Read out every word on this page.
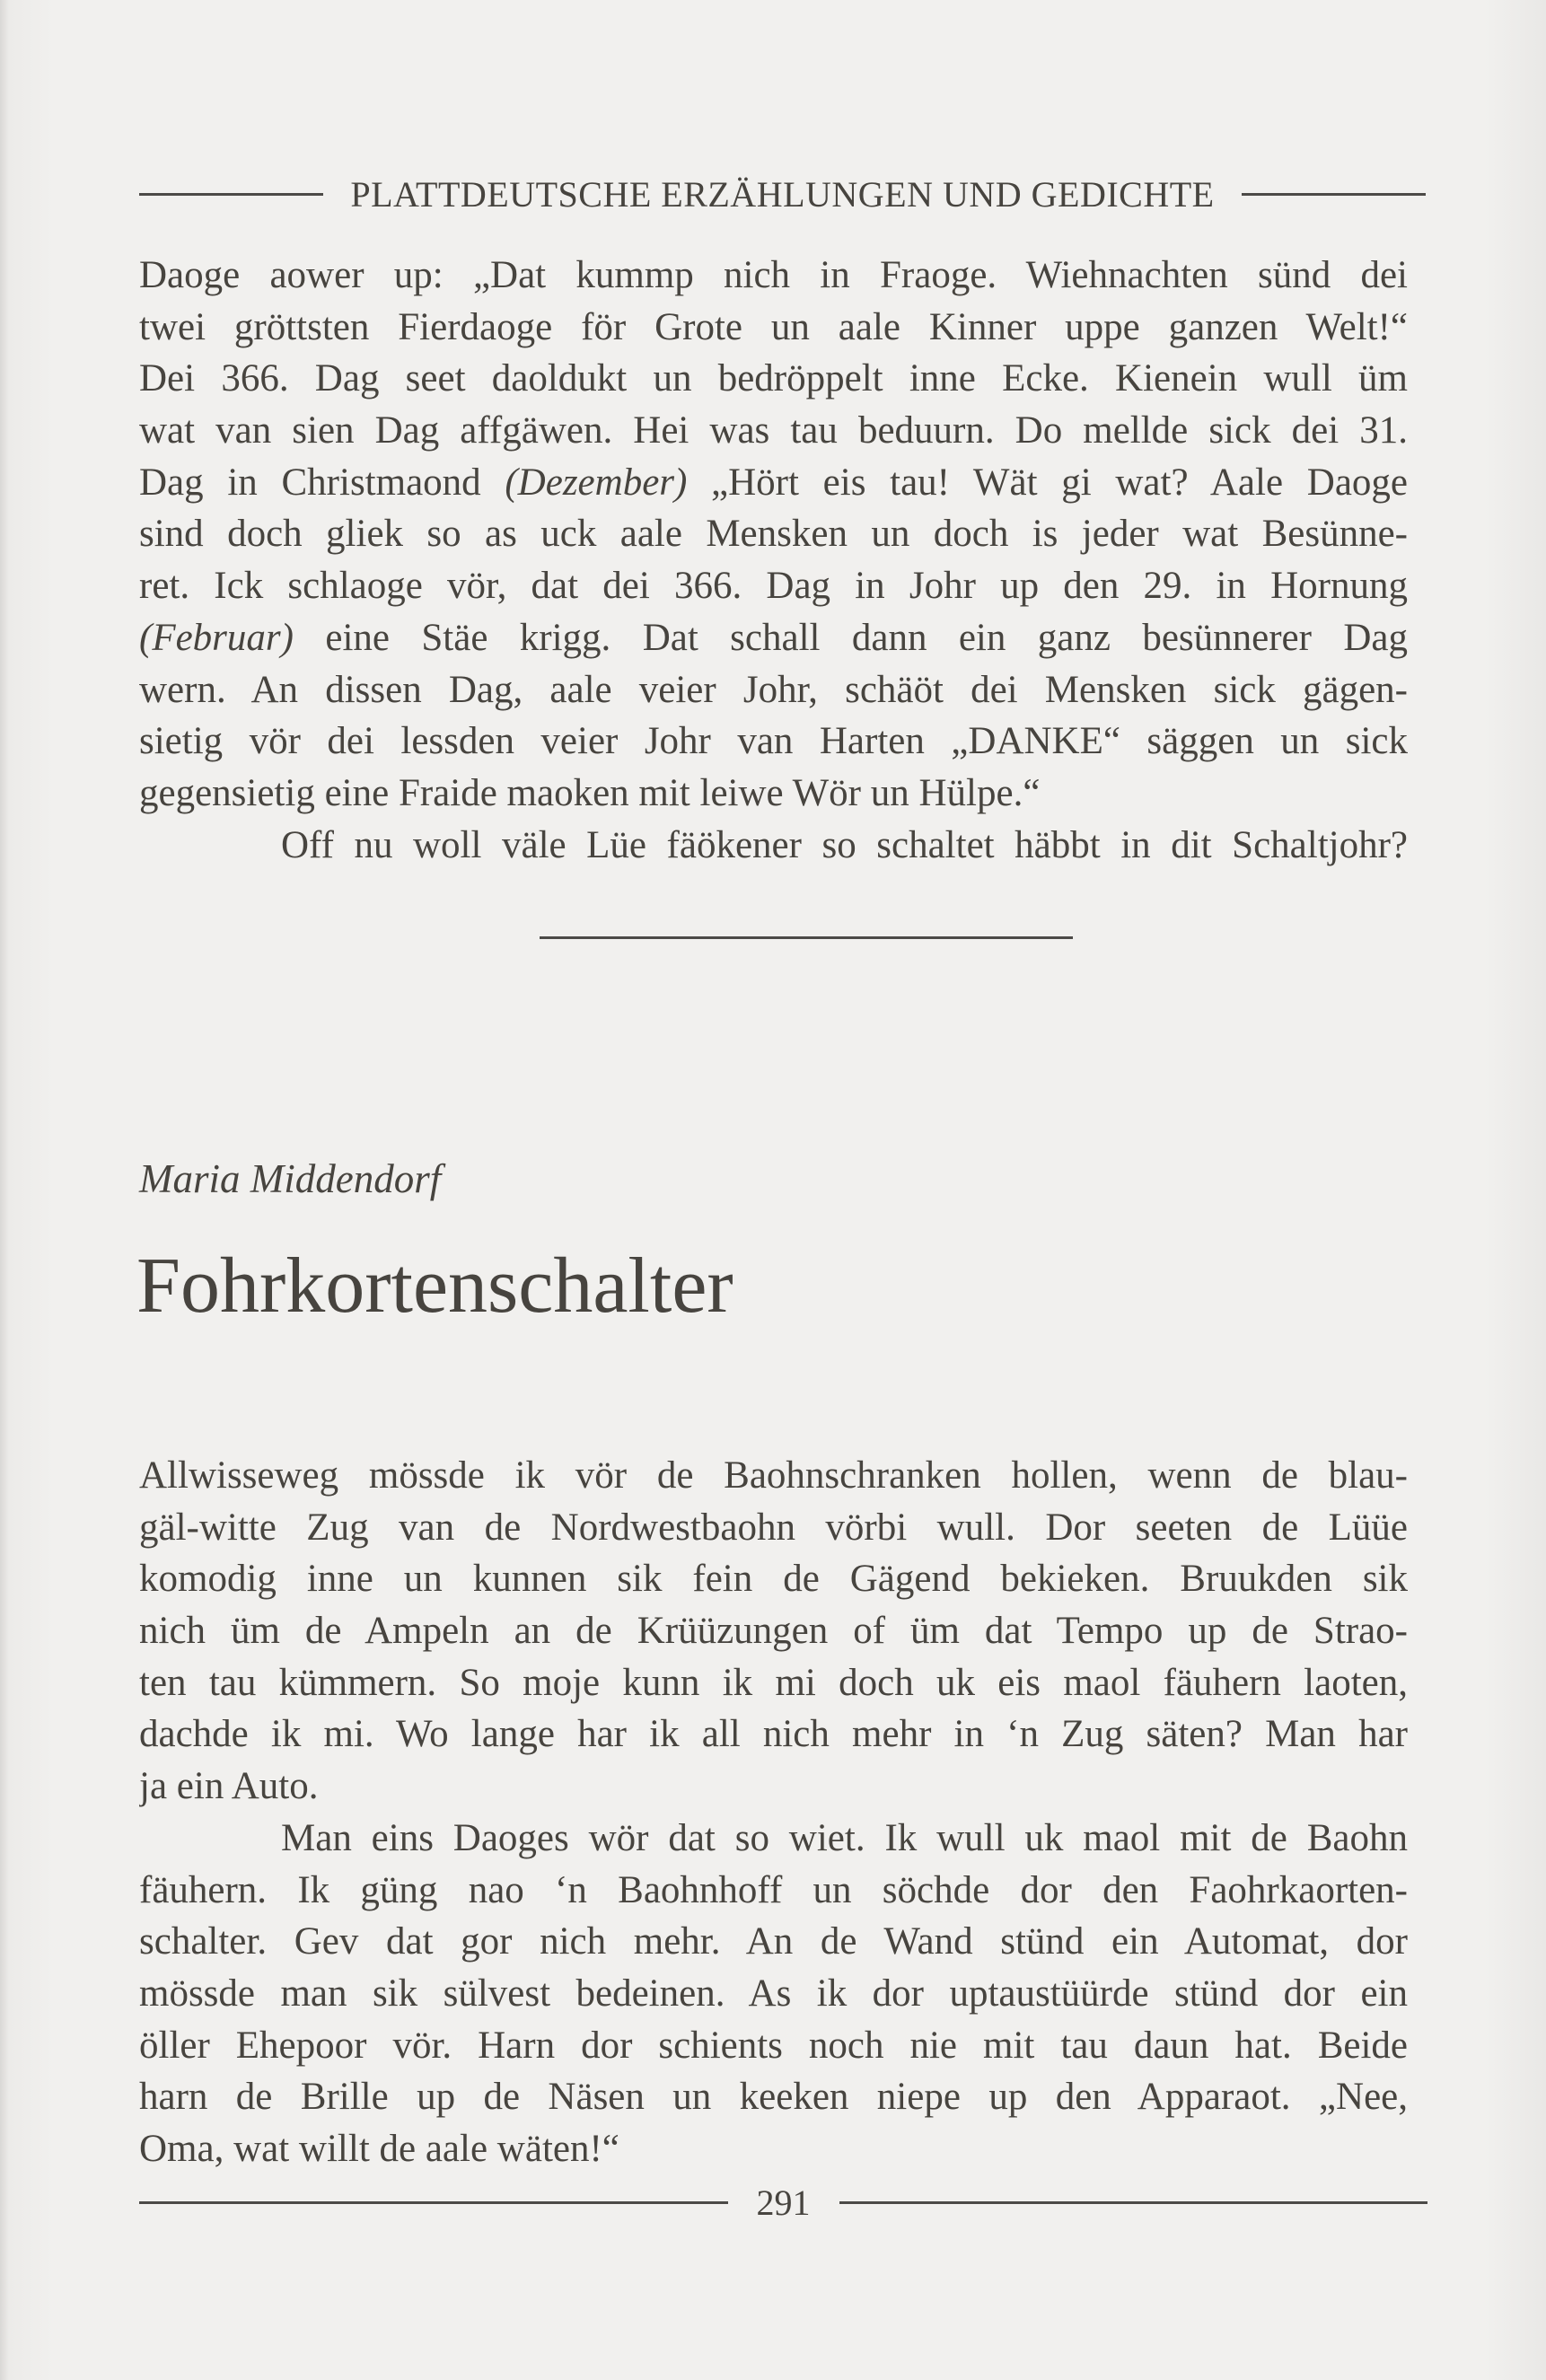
PLATTDEUTSCHE ERZÄHLUNGEN UND GEDICHTE
Daoge aower up: „Dat kummp nich in Fraoge. Wiehnachten sünd dei
twei gröttsten Fierdaoge för Grote un aale Kinner uppe ganzen Welt!“
Dei 366. Dag seet daoldukt un bedröppelt inne Ecke. Kienein wull üm
wat van sien Dag affgäwen. Hei was tau beduurn. Do mellde sick dei 31.
Dag in Christmaond (Dezember) „Hört eis tau! Wät gi wat? Aale Daoge
sind doch gliek so as uck aale Mensken un doch is jeder wat Besünne-
ret. Ick schlaoge vör, dat dei 366. Dag in Johr up den 29. in Hornung
(Februar) eine Stäe krigg. Dat schall dann ein ganz besünnerer Dag
wern. An dissen Dag, aale veier Johr, schäöt dei Mensken sick gägen-
sietig vör dei lessden veier Johr van Harten „DANKE“ säggen un sick
gegensietig eine Fraide maoken mit leiwe Wör un Hülpe.“
Off nu woll väle Lüe fäökener so schaltet häbbt in dit Schaltjohr?

Maria Middendorf

Fohrkortenschalter
Allwisseweg mössde ik vör de Baohnschranken hollen, wenn de blau-
gäl-witte Zug van de Nordwestbaohn vörbi wull. Dor seeten de Lüüe
komodig inne un kunnen sik fein de Gägend bekieken. Bruukden sik
nich üm de Ampeln an de Krüüzungen of üm dat Tempo up de Strao-
ten tau kümmern. So moje kunn ik mi doch uk eis maol fäuhern laoten,
dachde ik mi. Wo lange har ik all nich mehr in ‘n Zug säten? Man har
ja ein Auto.
Man eins Daoges wör dat so wiet. Ik wull uk maol mit de Baohn
fäuhern. Ik güng nao ‘n Baohnhoff un söchde dor den Faohrkaorten-
schalter. Gev dat gor nich mehr. An de Wand stünd ein Automat, dor
mössde man sik sülvest bedeinen. As ik dor uptaustüürde stünd dor ein
öller Ehepoor vör. Harn dor schients noch nie mit tau daun hat. Beide
harn de Brille up de Näsen un keeken niepe up den Apparaot. „Nee,
Oma, wat willt de aale wäten!“
291
